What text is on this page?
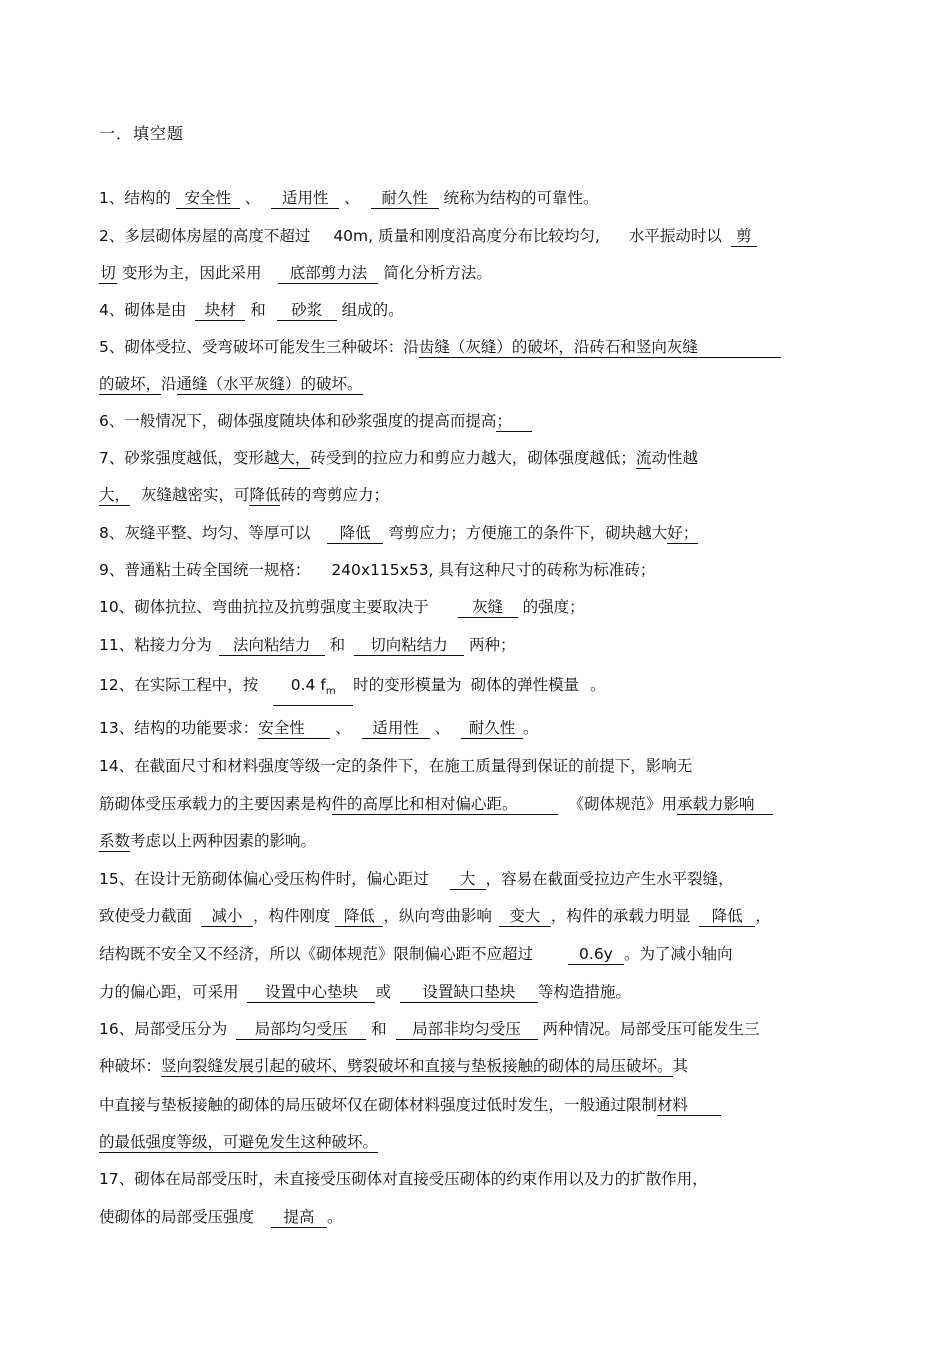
一．填空题
1、结构的 安全性 、 适用性 、 耐久性 统称为结构的可靠性。
2、多层砌体房屋的高度不超过 40m, 质量和刚度沿高度分布比较均匀, 水平振动时以 剪
切 变形为主，因此采用 底部剪力法 简化分析方法。
4、砌体是由 块材 和 砂浆 组成的。
5、砌体受拉、受弯破坏可能发生三种破坏：沿齿缝（灰缝）的破坏，沿砖石和竖向灰缝
的破坏，沿通缝（水平灰缝）的破坏。
6、一般情况下，砌体强度随块体和砂浆强度的提高而提高；
7、砂浆强度越低，变形越大，砖受到的拉应力和剪应力越大，砌体强度越低；流动性越
大， 灰缝越密实，可降低砖的弯剪应力；
8、灰缝平整、均匀、等厚可以 降低 弯剪应力；方便施工的条件下，砌块越大好；
9、普通粘土砖全国统一规格： 240x115x53, 具有这种尺寸的砖称为标准砖；
10、砌体抗拉、弯曲抗拉及抗剪强度主要取决于	灰缝 的强度；
11、粘接力分为 法向粘结力 和 切向粘结力 两种；
12、在实际工程中，按 0.4 $f_m$ 时的变形模量为 砌体的弹性模量 。
13、结构的功能要求：安全性 、 适用性 、 耐久性 。
14、在截面尺寸和材料强度等级一定的条件下，在施工质量得到保证的前提下，影响无
筋砌体受压承载力的主要因素是构件的高厚比和相对偏心距。	《砌体规范》用承载力影响
系数考虑以上两种因素的影响。
15、在设计无筋砌体偏心受压构件时，偏心距过 大 ，容易在截面受拉边产生水平裂缝，
致使受力截面 减小 ，构件刚度 降低 ，纵向弯曲影响 变大 ，构件的承载力明显 降低 ，
结构既不安全又不经济，所以《砌体规范》限制偏心距不应超过	0.6y 。为了减小轴向
力的偏心距，可采用 设置中心垫块 或 设置缺口垫块 等构造措施。
16、局部受压分为 局部均匀受压 和 局部非均匀受压 两种情况。局部受压可能发生三
种破坏：竖向裂缝发展引起的破坏、劈裂破坏和直接与垫板接触的砌体的局压破坏。其
中直接与垫板接触的砌体的局压破坏仅在砌体材料强度过低时发生，一般通过限制材料
的最低强度等级，可避免发生这种破坏。
17、砌体在局部受压时，未直接受压砌体对直接受压砌体的约束作用以及力的扩散作用，
使砌体的局部受压强度 提高 。
